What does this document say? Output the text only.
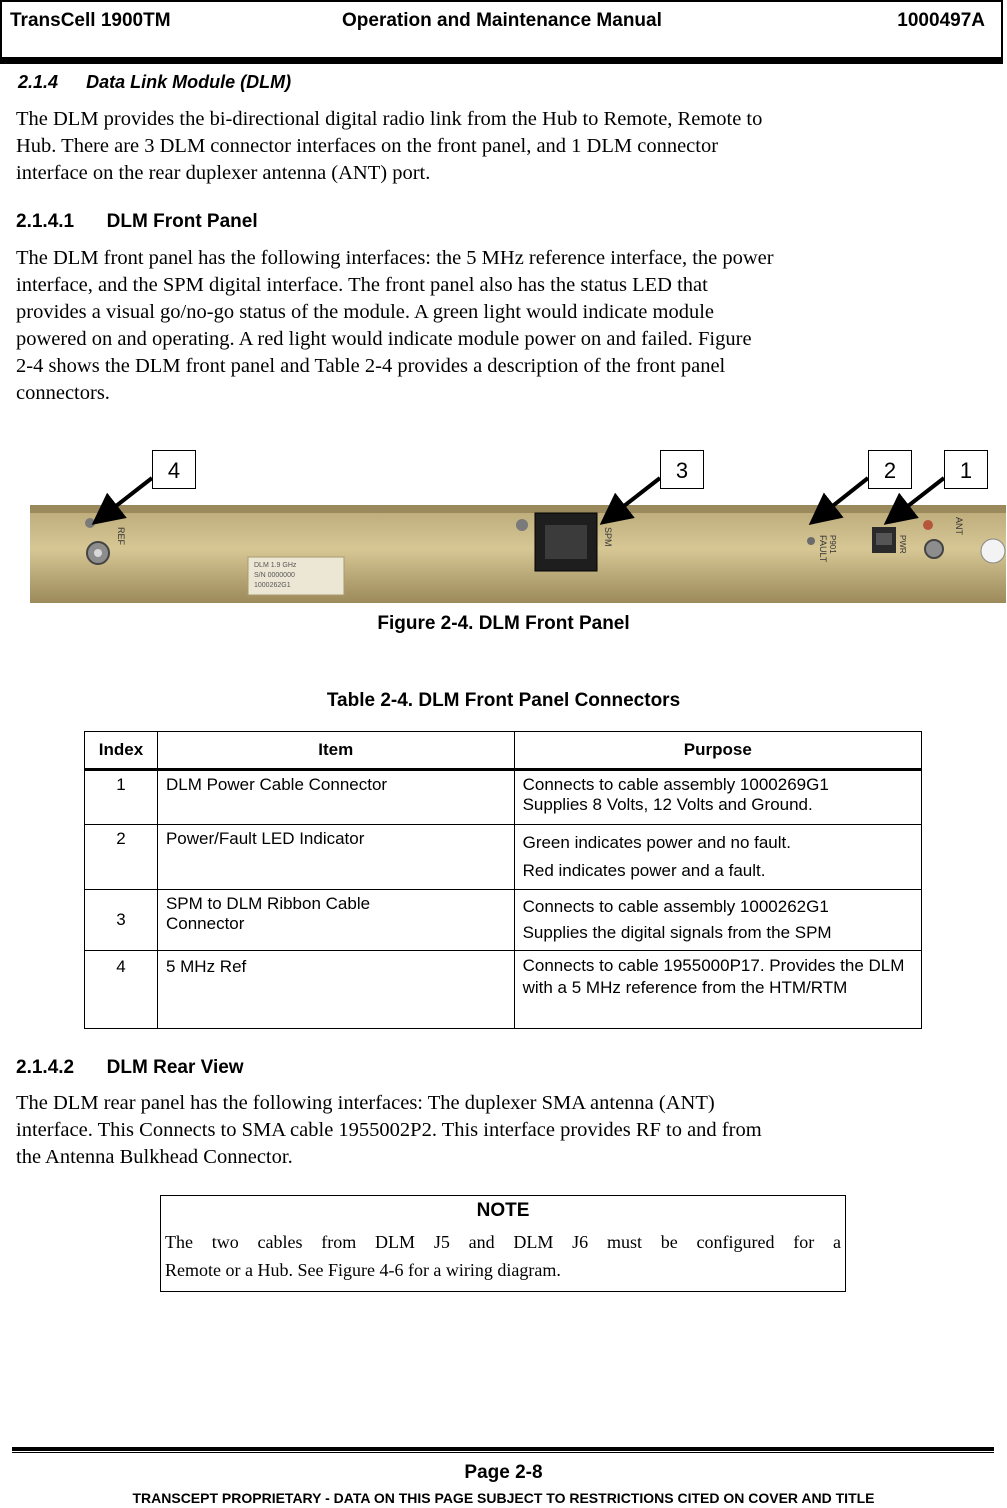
TransCell 1900TM	Operation and Maintenance Manual	1000497A
2.1.4 Data Link Module (DLM)
The DLM provides the bi-directional digital radio link from the Hub to Remote, Remote to
Hub. There are 3 DLM connector interfaces on the front panel, and 1 DLM connector
interface on the rear duplexer antenna (ANT) port.
2.1.4.1 DLM Front Panel
The DLM front panel has the following interfaces: the 5 MHz reference interface, the power
interface, and the SPM digital interface. The front panel also has the status LED that
provides a visual go/no-go status of the module. A green light would indicate module
powered on and operating. A red light would indicate module power on and failed. Figure
2-4 shows the DLM front panel and Table 2-4 provides a description of the front panel
connectors.
REF
DLM 1.9 GHz
S/N 0000000
1000262G1
SPM	FAULT P901	PWR
ANT
4	3	2	1
Figure 2-4. DLM Front Panel
Table 2-4. DLM Front Panel Connectors
Index	Item	Purpose
1	DLM Power Cable Connector	Connects to cable assembly 1000269G1
Supplies 8 Volts, 12 Volts and Ground.

2	Power/Fault LED Indicator	Green indicates power and no fault.
Red indicates power and a fault.

3	SPM to DLM Ribbon Cable Connector	Connects to cable assembly 1000262G1
Supplies the digital signals from the SPM

4	5 MHz Ref	Connects to cable 1955000P17. Provides the DLM with a 5 MHz reference from the HTM/RTM
2.1.4.2 DLM Rear View
The DLM rear panel has the following interfaces: The duplexer SMA antenna (ANT)
interface. This Connects to SMA cable 1955002P2. This interface provides RF to and from
the Antenna Bulkhead Connector.
NOTE
The two cables from DLM J5 and DLM J6 must be configured for a
Remote or a Hub. See Figure 4-6 for a wiring diagram.
Page 2-8
TRANSCEPT PROPRIETARY - DATA ON THIS PAGE SUBJECT TO RESTRICTIONS CITED ON COVER AND TITLE
